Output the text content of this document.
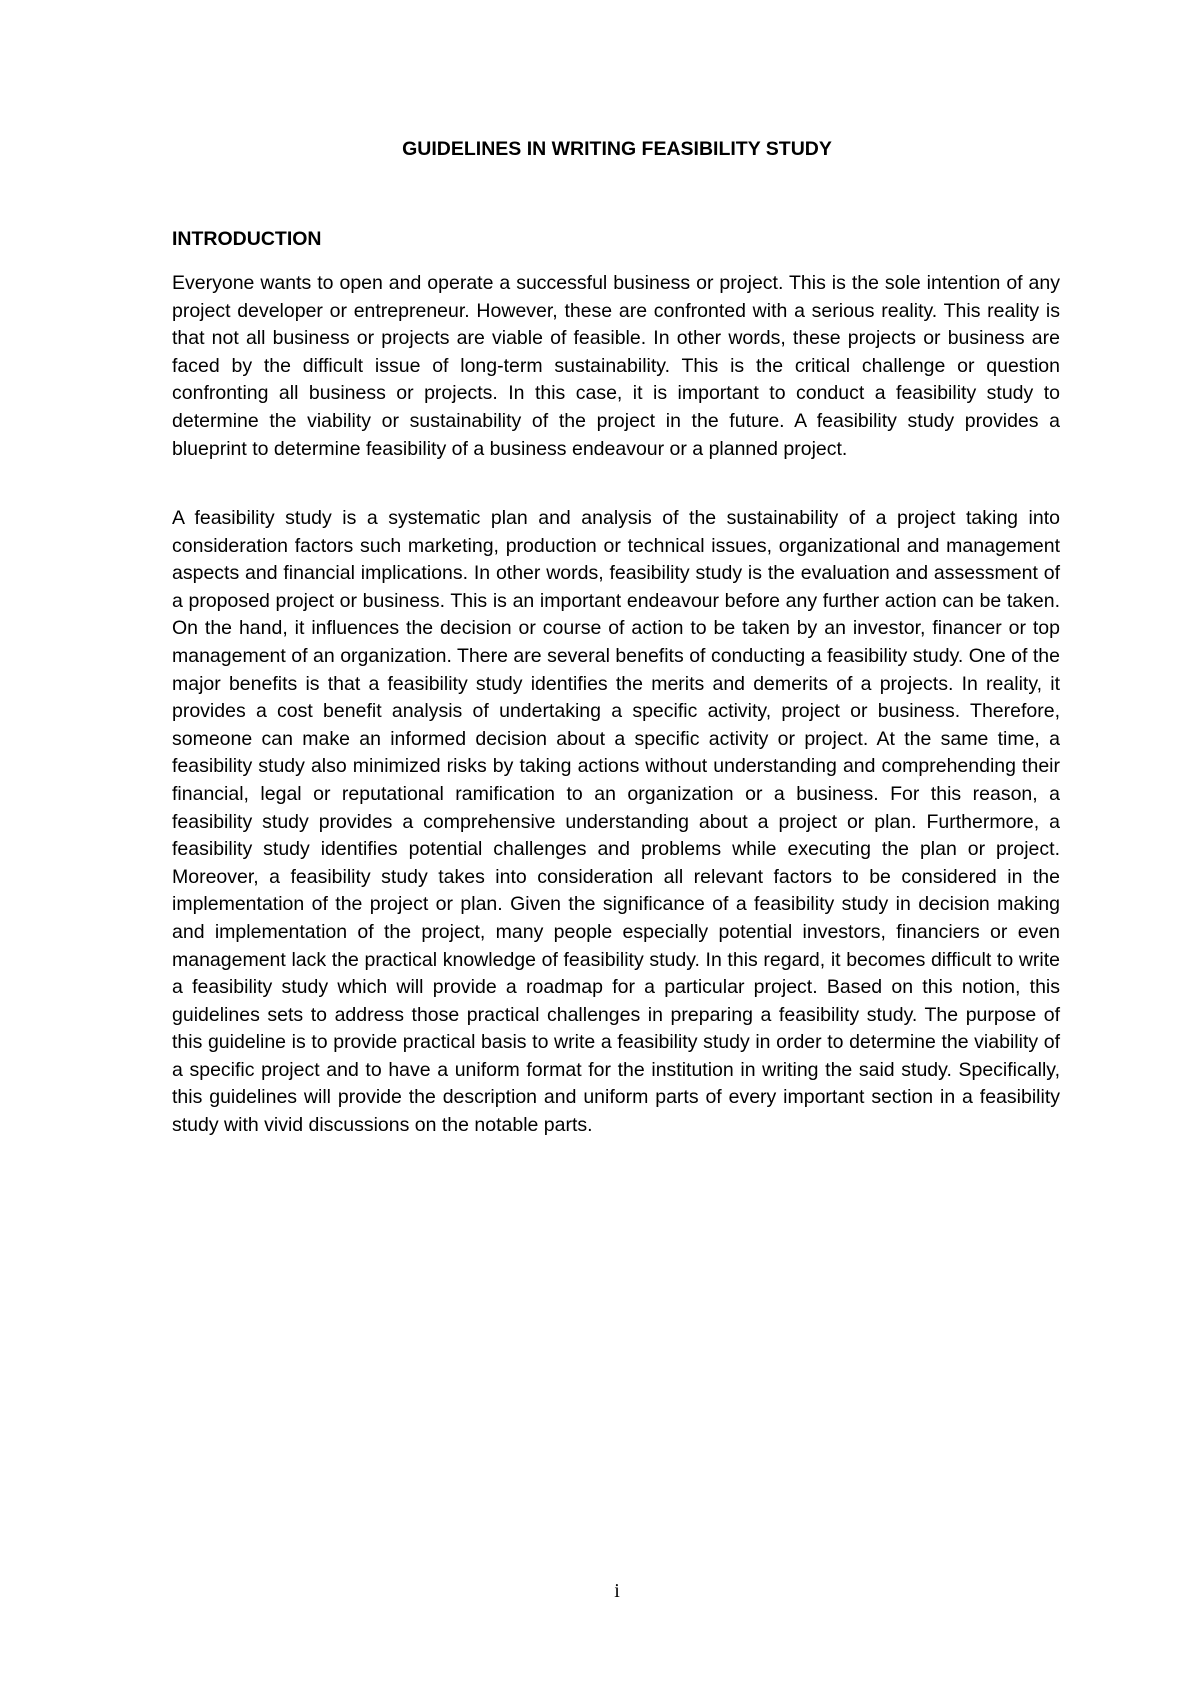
GUIDELINES IN WRITING FEASIBILITY STUDY
INTRODUCTION

Everyone wants to open and operate a successful business or project. This is the sole intention of any project developer or entrepreneur. However, these are confronted with a serious reality. This reality is that not all business or projects are viable of feasible. In other words, these projects or business are faced by the difficult issue of long-term sustainability. This is the critical challenge or question confronting all business or projects. In this case, it is important to conduct a feasibility study to determine the viability or sustainability of the project in the future. A feasibility study provides a blueprint to determine feasibility of a business endeavour or a planned project.

A feasibility study is a systematic plan and analysis of the sustainability of a project taking into consideration factors such marketing, production or technical issues, organizational and management aspects and financial implications. In other words, feasibility study is the evaluation and assessment of a proposed project or business. This is an important endeavour before any further action can be taken. On the hand, it influences the decision or course of action to be taken by an investor, financer or top management of an organization. There are several benefits of conducting a feasibility study. One of the major benefits is that a feasibility study identifies the merits and demerits of a projects. In reality, it provides a cost benefit analysis of undertaking a specific activity, project or business. Therefore, someone can make an informed decision about a specific activity or project. At the same time, a feasibility study also minimized risks by taking actions without understanding and comprehending their financial, legal or reputational ramification to an organization or a business. For this reason, a feasibility study provides a comprehensive understanding about a project or plan. Furthermore, a feasibility study identifies potential challenges and problems while executing the plan or project. Moreover, a feasibility study takes into consideration all relevant factors to be considered in the implementation of the project or plan. Given the significance of a feasibility study in decision making and implementation of the project, many people especially potential investors, financiers or even management lack the practical knowledge of feasibility study. In this regard, it becomes difficult to write a feasibility study which will provide a roadmap for a particular project. Based on this notion, this guidelines sets to address those practical challenges in preparing a feasibility study. The purpose of this guideline is to provide practical basis to write a feasibility study in order to determine the viability of a specific project and to have a uniform format for the institution in writing the said study. Specifically, this guidelines will provide the description and uniform parts of every important section in a feasibility study with vivid discussions on the notable parts.

i
